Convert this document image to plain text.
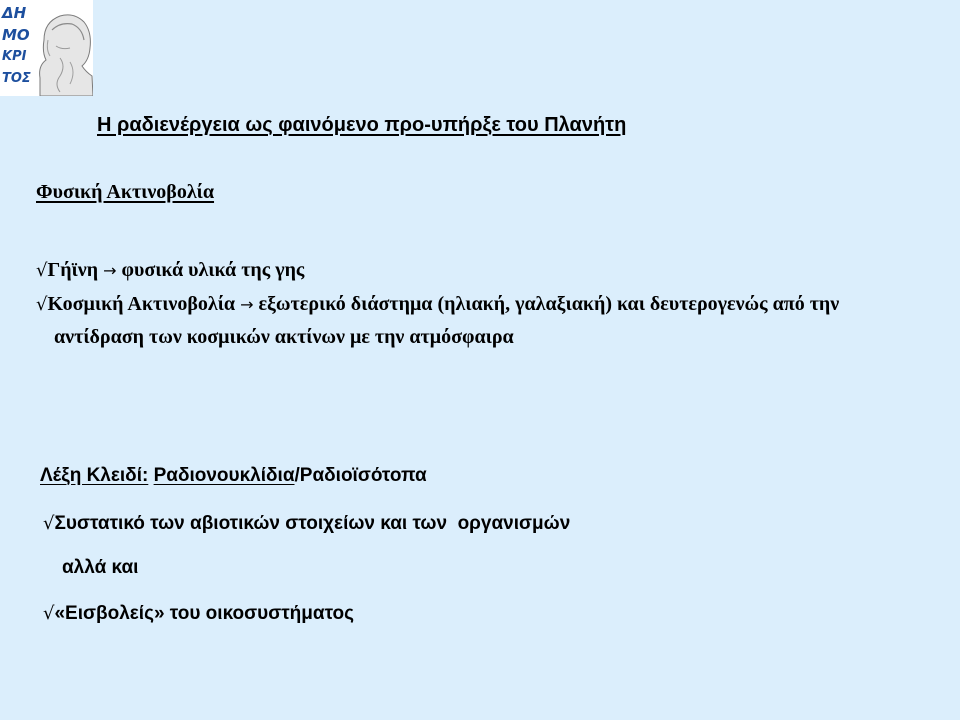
ΔΗ
ΜΟ
ΚΡΙ
ΤΟΣ
Η ραδιενέργεια ως φαινόμενο προ-υπήρξε του Πλανήτη
Φυσική Ακτινοβολία
√Γήϊνη → φυσικά υλικά της γης
√Κοσμική Ακτινοβολία → εξωτερικό διάστημα (ηλιακή, γαλαξιακή) και δευτερογενώς από την αντίδραση των κοσμικών ακτίνων με την ατμόσφαιρα
Λέξη Κλειδί: Ραδιονουκλίδια/Ραδιοϊσότοπα
√Συστατικό των αβιοτικών στοιχείων και των  οργανισμών
αλλά και
√«Εισβολείς» του οικοσυστήματος
